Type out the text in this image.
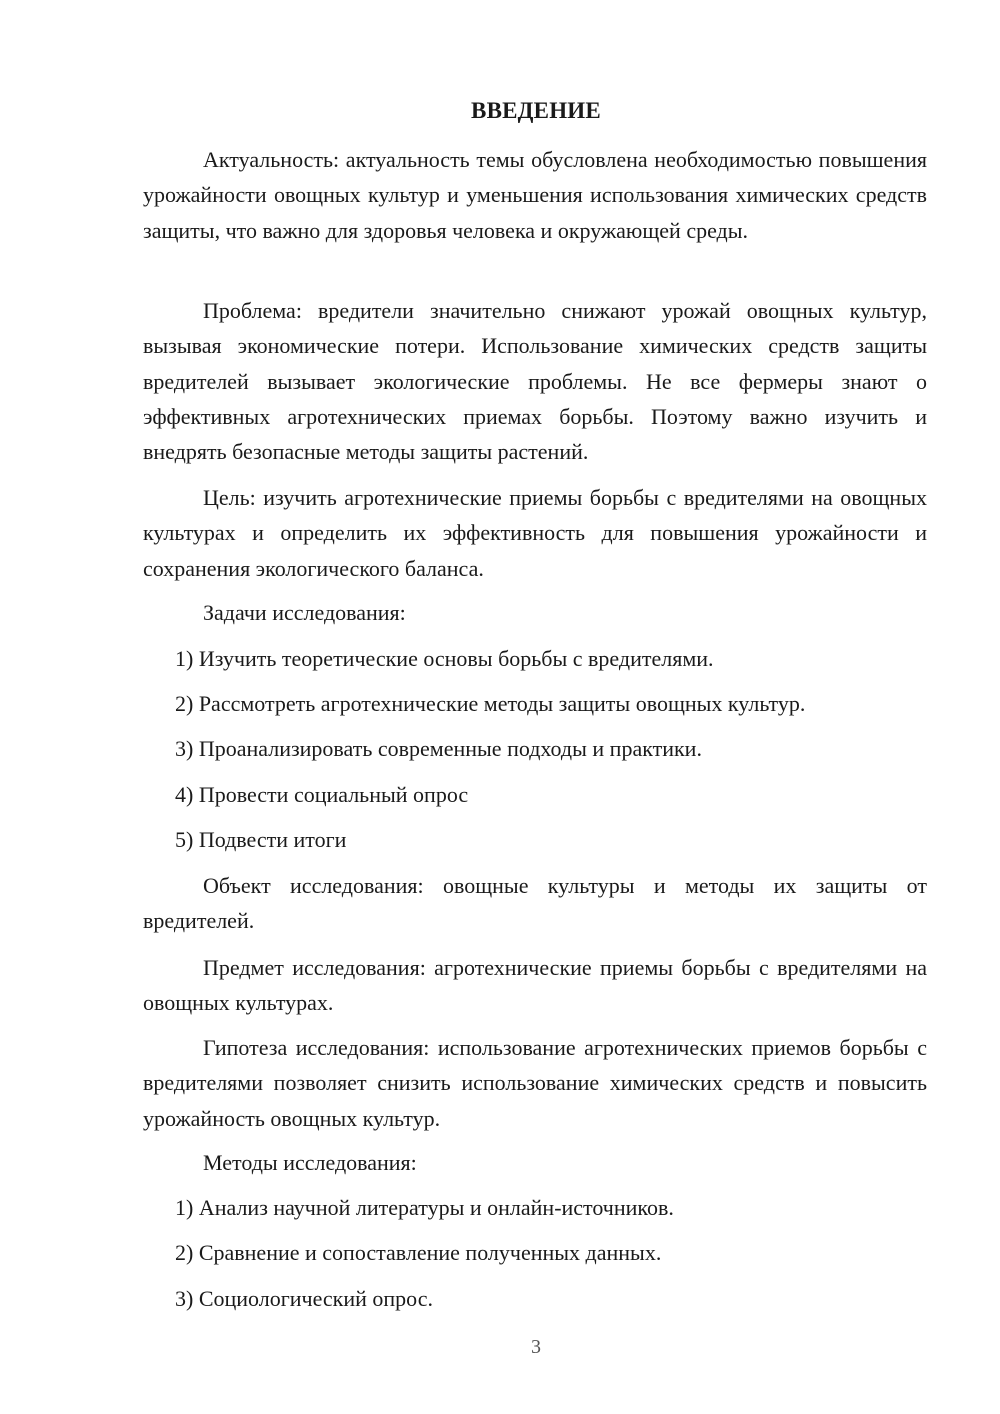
ВВЕДЕНИЕ

Актуальность: актуальность темы обусловлена необходимостью повышения урожайности овощных культур и уменьшения использования химических средств защиты, что важно для здоровья человека и окружающей среды.

Проблема: вредители значительно снижают урожай овощных культур, вызывая экономические потери. Использование химических средств защиты вредителей вызывает экологические проблемы. Не все фермеры знают о эффективных агротехнических приемах борьбы. Поэтому важно изучить и внедрять безопасные методы защиты растений.

Цель: изучить агротехнические приемы борьбы с вредителями на овощных культурах и определить их эффективность для повышения урожайности и сохранения экологического баланса.

Задачи исследования:
1) Изучить теоретические основы борьбы с вредителями.
2) Рассмотреть агротехнические методы защиты овощных культур.
3) Проанализировать современные подходы и практики.
4) Провести социальный опрос
5) Подвести итоги

Объект исследования: овощные культуры и методы их защиты от вредителей.

Предмет исследования: агротехнические приемы борьбы с вредителями на овощных культурах.

Гипотеза исследования: использование агротехнических приемов борьбы с вредителями позволяет снизить использование химических средств и повысить урожайность овощных культур.

Методы исследования:
1) Анализ научной литературы и онлайн-источников.
2) Сравнение и сопоставление полученных данных.
3) Социологический опрос.
3
